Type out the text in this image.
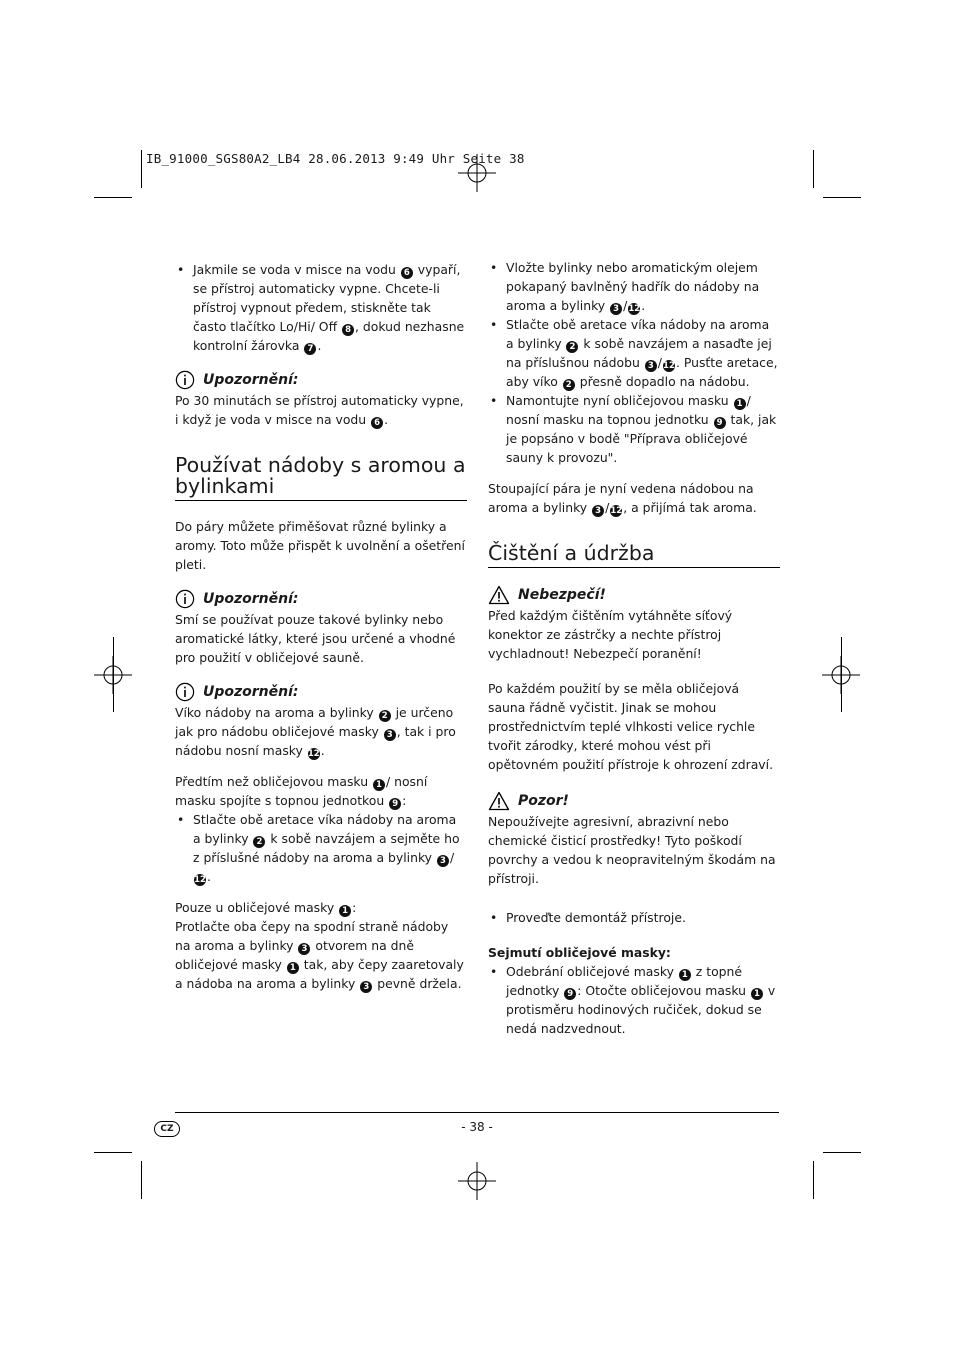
IB_91000_SGS80A2_LB4 28.06.2013 9:49 Uhr Seite 38

• Jakmile se voda v misce na vodu 6 vypaří, se přístroj automaticky vypne. Chcete-li přístroj vypnout předem, stiskněte tak často tlačítko Lo/Hi/ Off 8 , dokud nezhasne kontrolní žárovka 7 .

Upozornění:

Po 30 minutách se přístroj automaticky vypne, i když je voda v misce na vodu 6 .

Používat nádoby s aromou a bylinkami

Do páry můžete přiměšovat různé bylinky a aromy. Toto může přispět k uvolnění a ošetření pleti.

Upozornění:

Smí se používat pouze takové bylinky nebo aromatické látky, které jsou určené a vhodné pro použití v obličejové sauně.

Upozornění:

Víko nádoby na aroma a bylinky 2 je určeno jak pro nádobu obličejové masky 3 , tak i pro nádobu nosní masky 12.

Předtím než obličejovou masku 1 / nosní masku spojíte s topnou jednotkou 9 :

• Stlačte obě aretace víka nádoby na aroma a bylinky 2 k sobě navzájem a sejměte ho z příslušné nádoby na aroma a bylinky 3 /12.

Pouze u obličejové masky 1 :

Protlačte oba čepy na spodní straně nádoby na aroma a bylinky 3 otvorem na dně obličejové masky 1 tak, aby čepy zaaretovaly a nádoba na aroma a bylinky 3 pevně držela.

• Vložte bylinky nebo aromatickým olejem pokapaný bavlněný hadřík do nádoby na aroma a bylinky 3 /12.

• Stlačte obě aretace víka nádoby na aroma a bylinky 2 k sobě navzájem a nasaďte jej na příslušnou nádobu 3 /12. Pusťte aretace, aby víko 2 přesně dopadlo na nádobu.

• Namontujte nyní obličejovou masku 1 / nosní masku na topnou jednotku 9 tak, jak je popsáno v bodě "Příprava obličejové sauny k provozu".

Stoupající pára je nyní vedena nádobou na aroma a bylinky 3 /12, a přijímá tak aroma.

Čištění a údržba
Nebezpečí!

Před každým čištěním vytáhněte síťový konektor ze zástrčky a nechte přístroj vychladnout! Nebezpečí poranění!

Po každém použití by se měla obličejová sauna řádně vyčistit. Jinak se mohou prostřednictvím teplé vlhkosti velice rychle tvořit zárodky, které mohou vést při opětovném použití přístroje k ohrození zdraví.

Pozor!

Nepoužívejte agresivní, abrazivní nebo chemické čisticí prostředky! Tyto poškodí povrchy a vedou k neopravitelným škodám na přístroji.

• Proveďte demontáž přístroje.

Sejmutí obličejové masky:

• Odebrání obličejové masky 1 z topné jednotky 9 : Otočte obličejovou masku 1 v protisměru hodinových ručiček, dokud se nedá nadzvednout.

CZ	- 38 -
